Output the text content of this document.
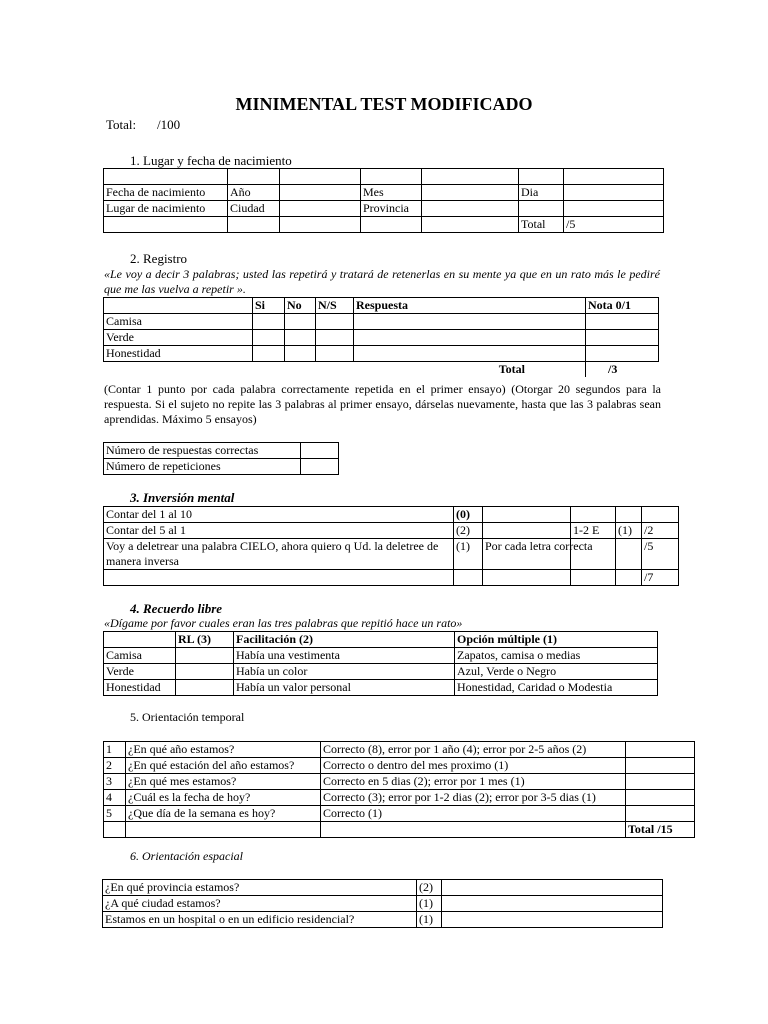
MINIMENTAL TEST MODIFICADO
Total: /100
1. Lugar y fecha de nacimiento

Fecha de nacimiento	Año		Mes		Dia	
Lugar de nacimiento	Ciudad		Provincia			
					Total	/5
2. Registro
«Le voy a decir 3 palabras; usted las repetirá y tratará de retenerlas en su mente ya que en un rato más le pediré que me las vuelva a repetir ».
	Si	No	N/S	Respuesta	Nota 0/1
Camisa					
Verde					
Honestidad					
Total					/3
(Contar 1 punto por cada palabra correctamente repetida en el primer ensayo) (Otorgar 20 segundos para la respuesta. Si el sujeto no repite las 3 palabras al primer ensayo, dárselas nuevamente, hasta que las 3 palabras sean aprendidas. Máximo 5 ensayos)
Número de respuestas correctas	
Número de repeticiones	
3. Inversión mental
Contar del 1 al 10	(0)				
Contar del 5 al 1	(2)		1-2 E	(1)	/2
Voy a deletrear una palabra CIELO, ahora quiero q Ud. la deletree de manera inversa	(1)	Por cada letra correcta			/5
					/7
4. Recuerdo libre
«Dígame por favor cuales eran las tres palabras que repitió hace un rato»
	RL (3)	Facilitación (2)	Opción múltiple (1)
Camisa		Había una vestimenta	Zapatos, camisa o medias
Verde		Había un color	Azul, Verde o Negro
Honestidad		Había un valor personal	Honestidad, Caridad o Modestia
5. Orientación temporal
1	¿En qué año estamos?	Correcto (8), error por 1 año (4); error por 2-5 años (2)	
2	¿En qué estación del año estamos?	Correcto o dentro del mes proximo (1)	
3	¿En qué mes estamos?	Correcto en 5 dias (2); error por 1 mes (1)	
4	¿Cuál es la fecha de hoy?	Correcto (3); error por 1-2 dias (2); error por 3-5 dias (1)	
5	¿Que día de la semana es hoy?	Correcto (1)	
			Total /15
6. Orientación espacial
¿En qué provincia estamos?	(2)	
¿A qué ciudad estamos?	(1)	
Estamos en un hospital o en un edificio residencial?	(1)	
